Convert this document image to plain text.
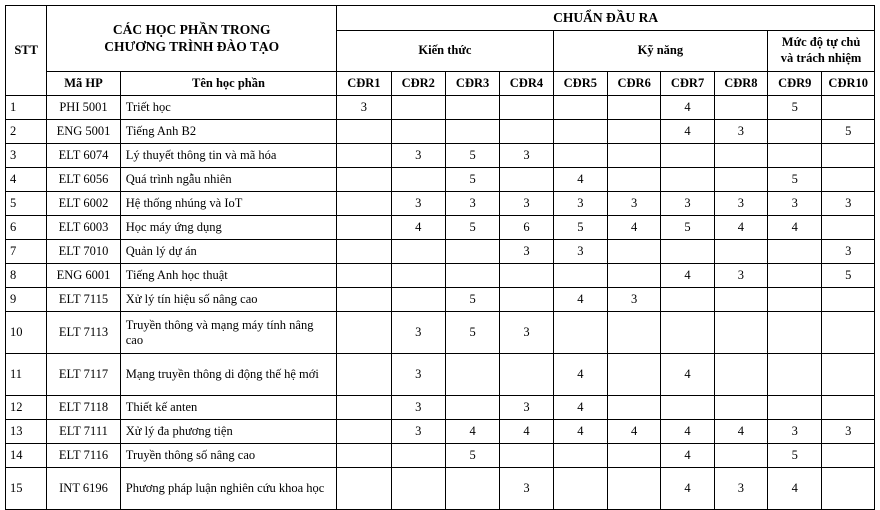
STT	CÁC HỌC PHẦN TRONG
CHƯƠNG TRÌNH ĐÀO TẠO		CHUẨN ĐẦU RA									
			Kiến thức				Kỹ năng				Mức độ tự chủ
và trách nhiệm	
	Mã HP	Tên học phần	CĐR1	CĐR2	CĐR3	CĐR4	CĐR5	CĐR6	CĐR7	CĐR8	CĐR9	CĐR10
1	PHI 5001	Triết học	3						4		5	
2	ENG 5001	Tiếng Anh B2							4	3		5
3	ELT 6074	Lý thuyết thông tin và mã hóa		3	5	3						
4	ELT 6056	Quá trình ngẫu nhiên			5		4				5	
5	ELT 6002	Hệ thống nhúng và IoT		3	3	3	3	3	3	3	3	3
6	ELT 6003	Học máy ứng dụng		4	5	6	5	4	5	4	4	
7	ELT 7010	Quản lý dự án				3	3					3
8	ENG 6001	Tiếng Anh học thuật							4	3		5
9	ELT 7115	Xử lý tín hiệu số nâng cao			5		4	3				
10	ELT 7113	Truyền thông và mạng máy tính nâng cao		3	5	3						
11	ELT 7117	Mạng truyền thông di động thế hệ mới		3			4		4			
12	ELT 7118	Thiết kế anten		3		3	4					
13	ELT 7111	Xử lý đa phương tiện		3	4	4	4	4	4	4	3	3
14	ELT 7116	Truyền thông số nâng cao			5				4		5	
15	INT 6196	Phương pháp luận nghiên cứu khoa học				3			4	3	4	
